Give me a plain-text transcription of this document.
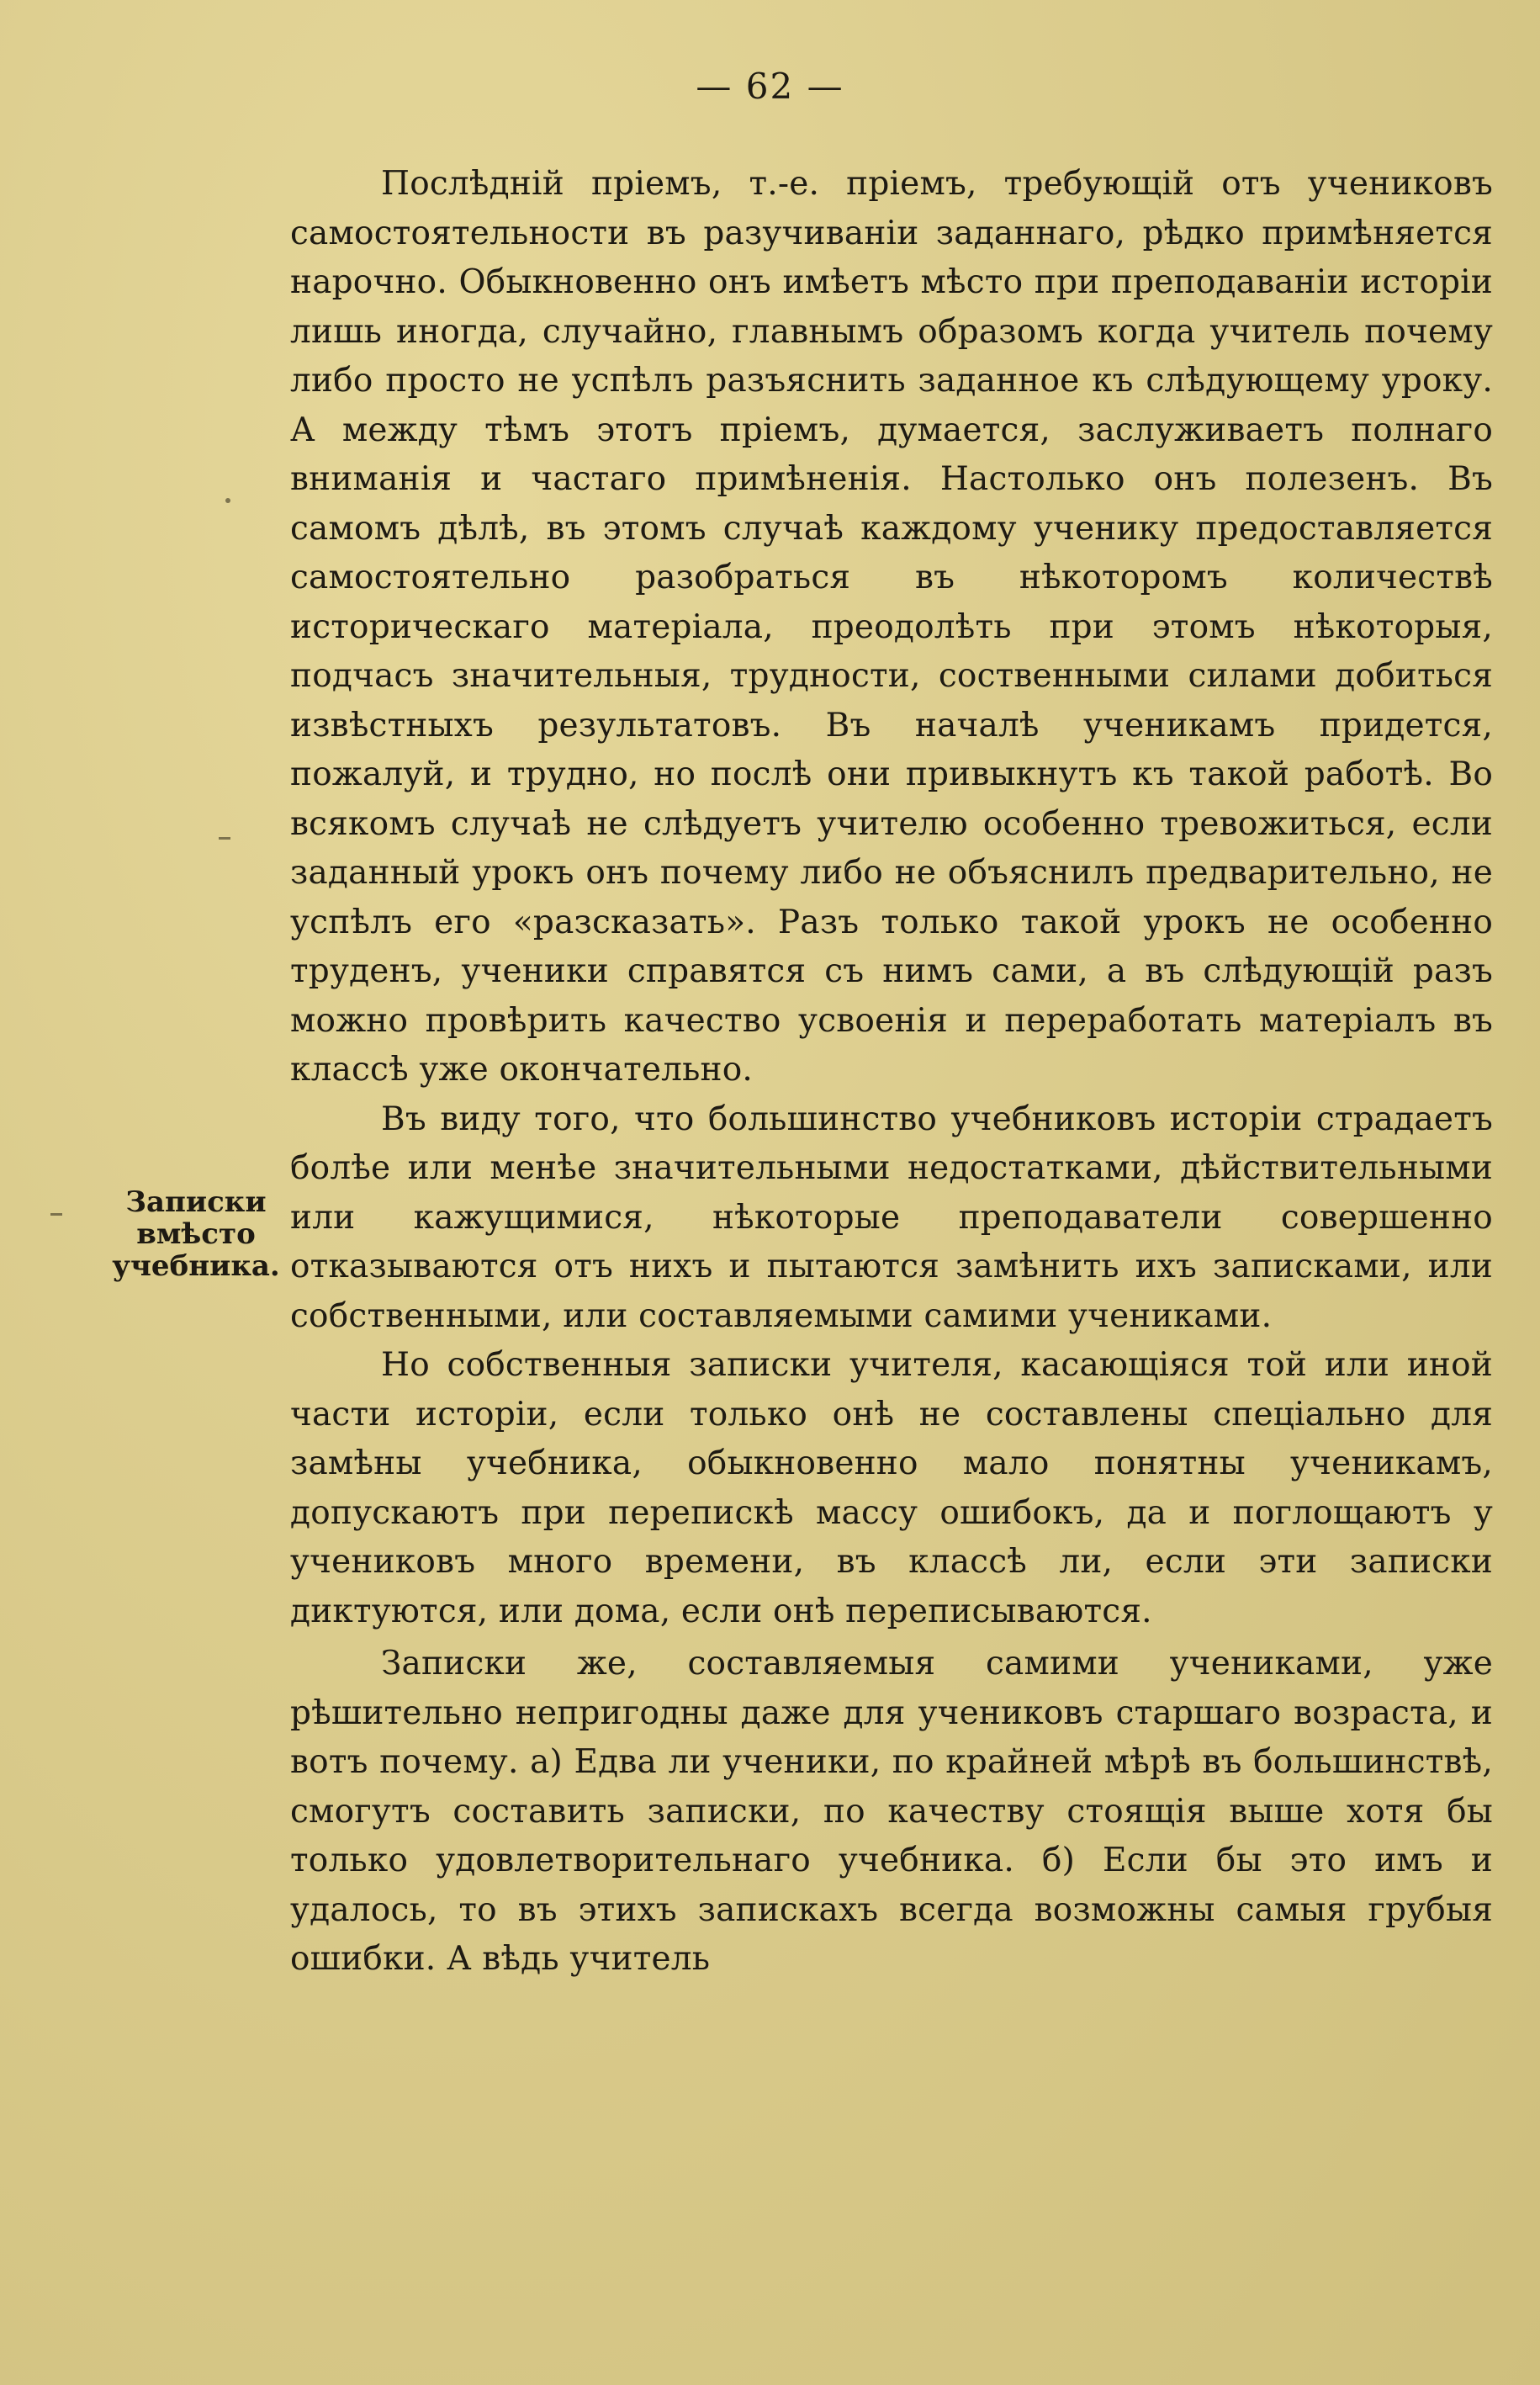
— 62 —
Записки
вмѣсто
учебника.

Послѣдній пріемъ, т.-е. пріемъ, требующій отъ учениковъ самостоятельности въ разучиваніи заданнаго, рѣдко примѣняется нарочно. Обыкновенно онъ имѣетъ мѣсто при преподаваніи исторіи лишь иногда, случайно, главнымъ образомъ когда учитель почему либо просто не успѣлъ разъяснить заданное къ слѣдующему уроку. А между тѣмъ этотъ пріемъ, думается, заслуживаетъ полнаго вниманія и частаго примѣненія. Настолько онъ полезенъ. Въ самомъ дѣлѣ, въ этомъ случаѣ каждому ученику предоставляется самостоятельно разобраться въ нѣкоторомъ количествѣ историческаго матеріала, преодолѣть при этомъ нѣкоторыя, подчасъ значительныя, трудности, соственными силами добиться извѣстныхъ результатовъ. Въ началѣ ученикамъ придется, пожалуй, и трудно, но послѣ они привыкнутъ къ такой работѣ. Во всякомъ случаѣ не слѣдуетъ учителю особенно тревожиться, если заданный урокъ онъ почему либо не объяснилъ предварительно, не успѣлъ его «разсказать». Разъ только такой урокъ не особенно труденъ, ученики справятся съ нимъ сами, а въ слѣдующій разъ можно провѣрить качество усвоенія и переработать матеріалъ въ классѣ уже окончательно.

Въ виду того, что большинство учебниковъ исторіи страдаетъ болѣе или менѣе значительными недостатками, дѣйствительными или кажущимися, нѣкоторые преподаватели совершенно отказываются отъ нихъ и пытаются замѣнить ихъ записками, или собственными, или составляемыми самими учениками.

Но собственныя записки учителя, касающіяся той или иной части исторіи, если только онѣ не составлены спеціально для замѣны учебника, обыкновенно мало понятны ученикамъ, допускаютъ при перепискѣ массу ошибокъ, да и поглощаютъ у учениковъ много времени, въ классѣ ли, если эти записки диктуются, или дома, если онѣ переписываются.

Записки же, составляемыя самими учениками, уже рѣшительно непригодны даже для учениковъ старшаго возраста, и вотъ почему. а) Едва ли ученики, по крайней мѣрѣ въ большинствѣ, смогутъ составить записки, по качеству стоящія выше хотя бы только удовлетворительнаго учебника. б) Если бы это имъ и удалось, то въ этихъ запискахъ всегда возможны самыя грубыя ошибки. А вѣдь учитель
